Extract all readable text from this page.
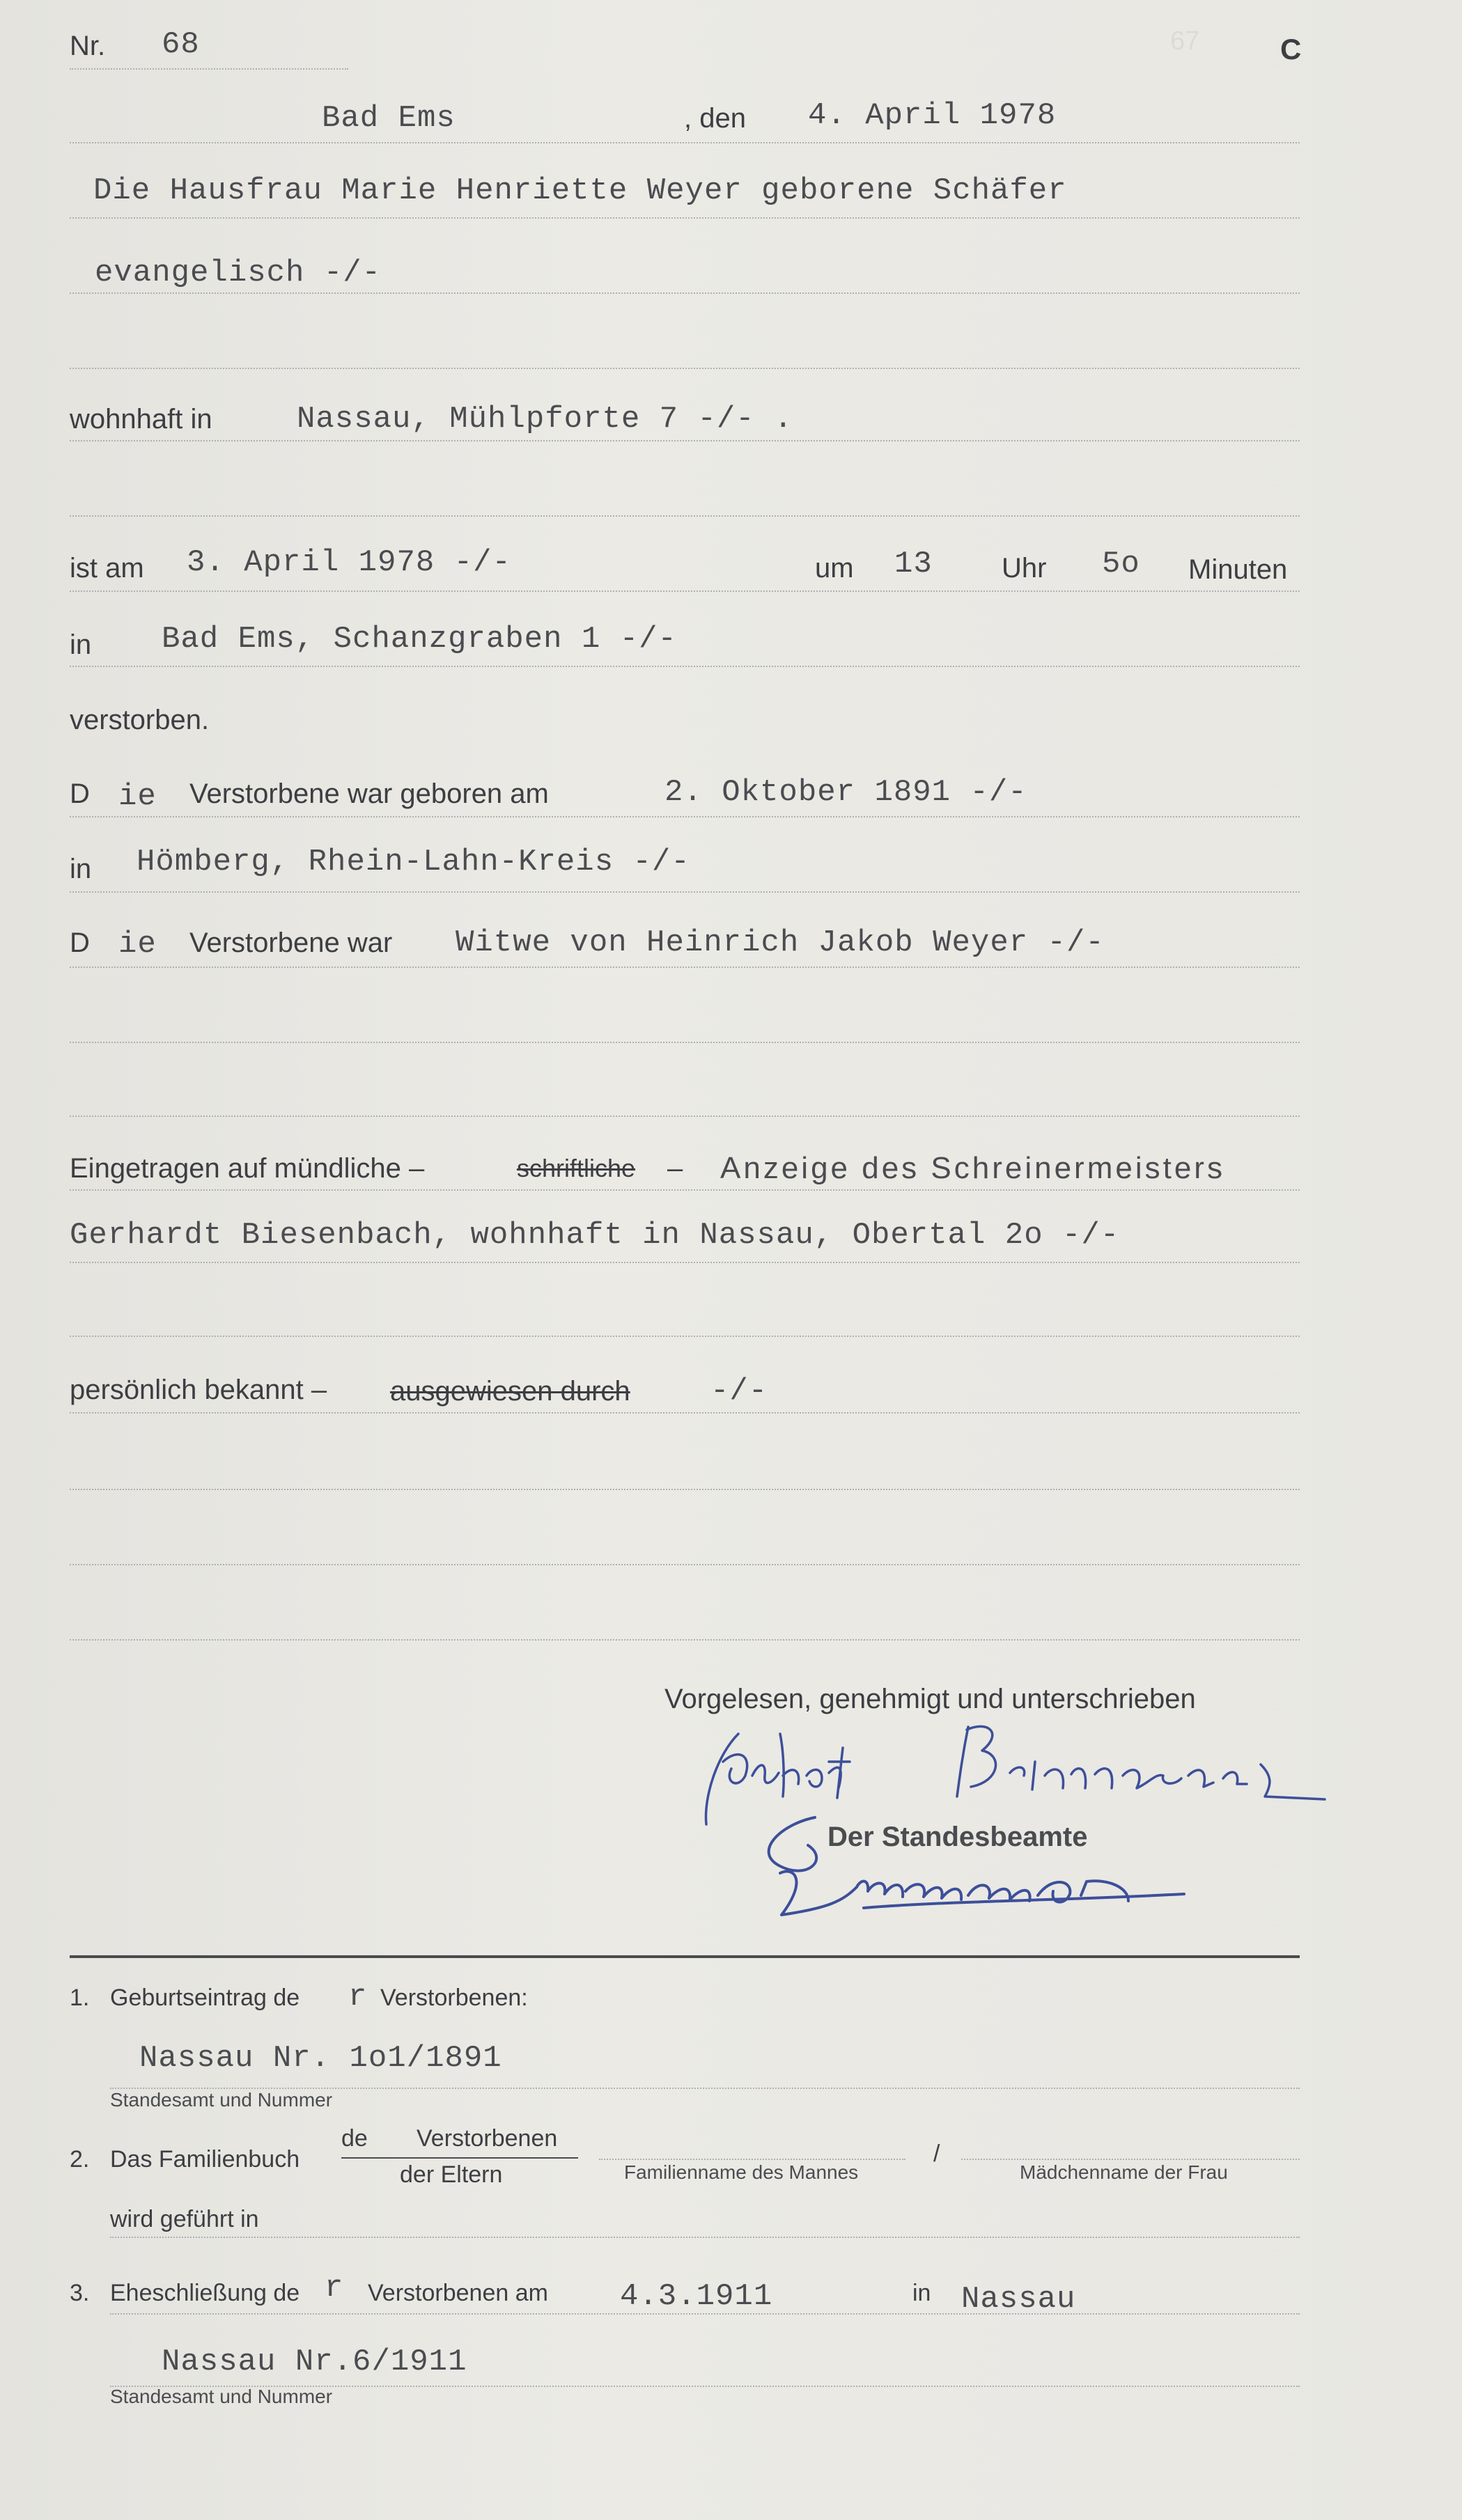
67
Nr. 68	C
Bad Ems	, den 4. April 1978
Die Hausfrau Marie Henriette Weyer geborene Schäfer
evangelisch -/-
wohnhaft in	Nassau, Mühlpforte 7 -/- .
ist am 3. April 1978 -/-	um 13 Uhr 5o Minuten
in Bad Ems, Schanzgraben 1 -/-
verstorben.
D ie Verstorbene war geboren am	2. Oktober 1891 -/-
in Hömberg, Rhein-Lahn-Kreis -/-
D ie Verstorbene war Witwe von Heinrich Jakob Weyer -/-
Eingetragen auf mündliche –	schriftliche – Anzeige des Schreinermeisters
Gerhardt Biesenbach, wohnhaft in Nassau, Obertal 2o -/-
persönlich bekannt – ausgewiesen durch	-/-
Vorgelesen, genehmigt und unterschrieben
Der Standesbeamte
1. Geburtseintrag de r Verstorbenen:
Nassau Nr. 1o1/1891
Standesamt und Nummer
2. Das Familienbuch
de Verstorbenen
der Eltern	Familienname des Mannes
/
Mädchenname der Frau
wird geführt in
3. Eheschließung de r Verstorbenen am 4.3.1911	in Nassau
Nassau Nr.6/1911
Standesamt und Nummer
